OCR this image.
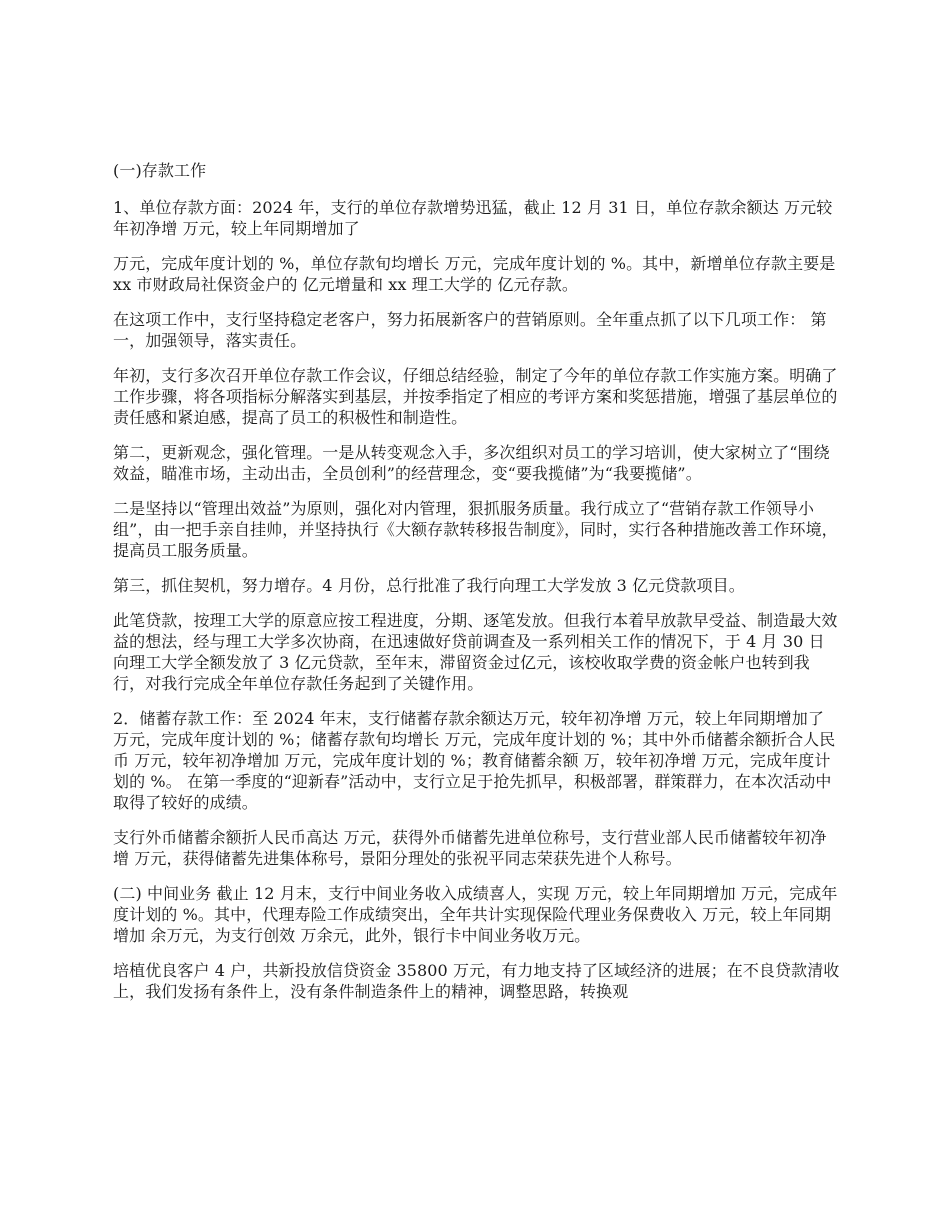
(一)存款工作

1、单位存款方面：2024 年，支行的单位存款增势迅猛，截止 12 月 31 日，单位存款余额达 万元较年初净增 万元，较上年同期增加了

万元，完成年度计划的 %，单位存款旬均增长 万元，完成年度计划的 %。其中，新增单位存款主要是 xx 市财政局社保资金户的 亿元增量和 xx 理工大学的 亿元存款。

在这项工作中，支行坚持稳定老客户，努力拓展新客户的营销原则。全年重点抓了以下几项工作： 第一，加强领导，落实责任。

年初，支行多次召开单位存款工作会议，仔细总结经验，制定了今年的单位存款工作实施方案。明确了工作步骤，将各项指标分解落实到基层，并按季指定了相应的考评方案和奖惩措施，增强了基层单位的责任感和紧迫感，提高了员工的积极性和制造性。

第二，更新观念，强化管理。一是从转变观念入手，多次组织对员工的学习培训，使大家树立了“围绕效益，瞄准市场，主动出击，全员创利”的经营理念，变“要我揽储”为“我要揽储”。

二是坚持以“管理出效益”为原则，强化对内管理，狠抓服务质量。我行成立了“营销存款工作领导小组”，由一把手亲自挂帅，并坚持执行《大额存款转移报告制度》，同时，实行各种措施改善工作环境，提高员工服务质量。

第三，抓住契机，努力增存。4 月份，总行批准了我行向理工大学发放 3 亿元贷款项目。

此笔贷款，按理工大学的原意应按工程进度，分期、逐笔发放。但我行本着早放款早受益、制造最大效益的想法，经与理工大学多次协商，在迅速做好贷前调查及一系列相关工作的情况下，于 4 月 30 日向理工大学全额发放了 3 亿元贷款，至年末，滞留资金过亿元，该校收取学费的资金帐户也转到我行，对我行完成全年单位存款任务起到了关键作用。

2．储蓄存款工作：至 2024 年末，支行储蓄存款余额达万元，较年初净增 万元，较上年同期增加了 万元，完成年度计划的 %；储蓄存款旬均增长 万元，完成年度计划的 %；其中外币储蓄余额折合人民币 万元，较年初净增加 万元，完成年度计划的 %；教育储蓄余额 万，较年初净增 万元，完成年度计划的 %。 在第一季度的“迎新春”活动中，支行立足于抢先抓早，积极部署，群策群力，在本次活动中取得了较好的成绩。

支行外币储蓄余额折人民币高达 万元，获得外币储蓄先进单位称号，支行营业部人民币储蓄较年初净增 万元，获得储蓄先进集体称号，景阳分理处的张祝平同志荣获先进个人称号。

(二) 中间业务 截止 12 月末，支行中间业务收入成绩喜人，实现 万元，较上年同期增加 万元，完成年度计划的 %。其中，代理寿险工作成绩突出，全年共计实现保险代理业务保费收入 万元，较上年同期增加 余万元，为支行创效 万余元，此外，银行卡中间业务收万元。

培植优良客户 4 户，共新投放信贷资金 35800 万元，有力地支持了区域经济的进展；在不良贷款清收上，我们发扬有条件上，没有条件制造条件上的精神，调整思路，转换观
